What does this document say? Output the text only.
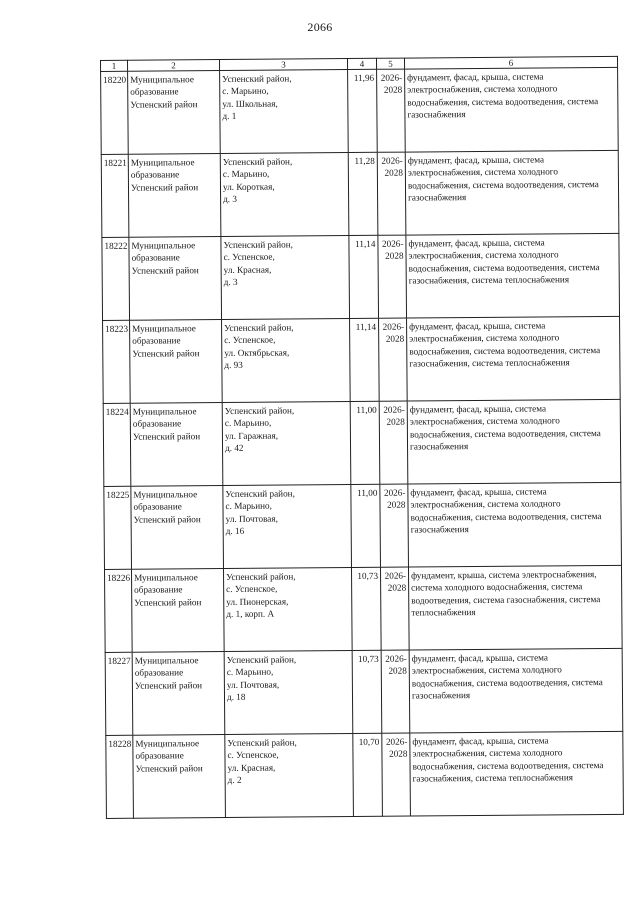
2066
1	2	3	4	5	6
18220	Муниципальное
образование
Успенский район	Успенский район,
с. Марьино,
ул. Школьная,
д. 1	11,96	2026-2028	фундамент, фасад, крыша, система электроснабжения, система холодного водоснабжения, система водоотведения, система газоснабжения
18221	Муниципальное
образование
Успенский район	Успенский район,
с. Марьино,
ул. Короткая,
д. 3	11,28	2026-2028	фундамент, фасад, крыша, система электроснабжения, система холодного водоснабжения, система водоотведения, система газоснабжения
18222	Муниципальное
образование
Успенский район	Успенский район,
с. Успенское,
ул. Красная,
д. 3	11,14	2026-2028	фундамент, фасад, крыша, система электроснабжения, система холодного водоснабжения, система водоотведения, система газоснабжения, система теплоснабжения
18223	Муниципальное
образование
Успенский район	Успенский район,
с. Успенское,
ул. Октябрьская,
д. 93	11,14	2026-2028	фундамент, фасад, крыша, система электроснабжения, система холодного водоснабжения, система водоотведения, система газоснабжения, система теплоснабжения
18224	Муниципальное
образование
Успенский район	Успенский район,
с. Марьино,
ул. Гаражная,
д. 42	11,00	2026-2028	фундамент, фасад, крыша, система электроснабжения, система холодного водоснабжения, система водоотведения, система газоснабжения
18225	Муниципальное
образование
Успенский район	Успенский район,
с. Марьино,
ул. Почтовая,
д. 16	11,00	2026-2028	фундамент, фасад, крыша, система электроснабжения, система холодного водоснабжения, система водоотведения, система газоснабжения
18226	Муниципальное
образование
Успенский район	Успенский район,
с. Успенское,
ул. Пионерская,
д. 1, корп. А	10,73	2026-2028	фундамент, крыша, система электроснабжения, система холодного водоснабжения, система водоотведения, система газоснабжения, система теплоснабжения
18227	Муниципальное
образование
Успенский район	Успенский район,
с. Марьино,
ул. Почтовая,
д. 18	10,73	2026-2028	фундамент, фасад, крыша, система электроснабжения, система холодного водоснабжения, система водоотведения, система газоснабжения
18228	Муниципальное
образование
Успенский район	Успенский район,
с. Успенское,
ул. Красная,
д. 2	10,70	2026-2028	фундамент, фасад, крыша, система электроснабжения, система холодного водоснабжения, система водоотведения, система газоснабжения, система теплоснабжения
